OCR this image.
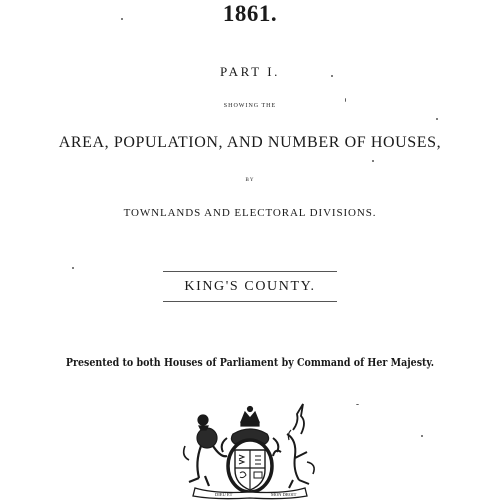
1861.
PART I.
SHOWING THE
AREA, POPULATION, AND NUMBER OF HOUSES,
BY
TOWNLANDS AND ELECTORAL DIVISIONS.
KING'S COUNTY.
Presented to both Houses of Parliament by Command of Her Majesty.
DIEU ET	MON DROIT
